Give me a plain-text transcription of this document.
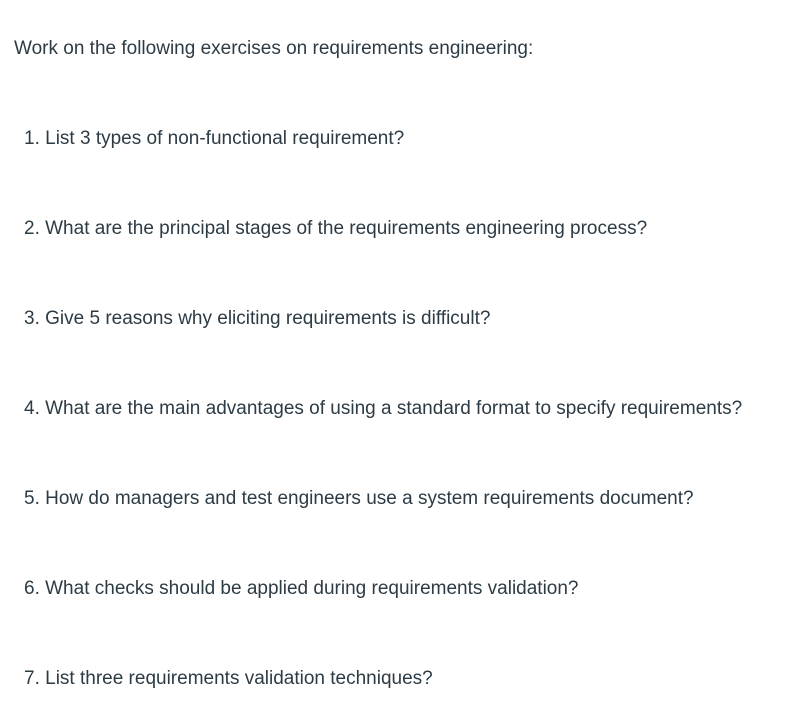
Work on the following exercises on requirements engineering:
1. List 3 types of non-functional requirement?
2. What are the principal stages of the requirements engineering process?
3. Give 5 reasons why eliciting requirements is difficult?
4. What are the main advantages of using a standard format to specify requirements?
5. How do managers and test engineers use a system requirements document?
6. What checks should be applied during requirements validation?
7. List three requirements validation techniques?
